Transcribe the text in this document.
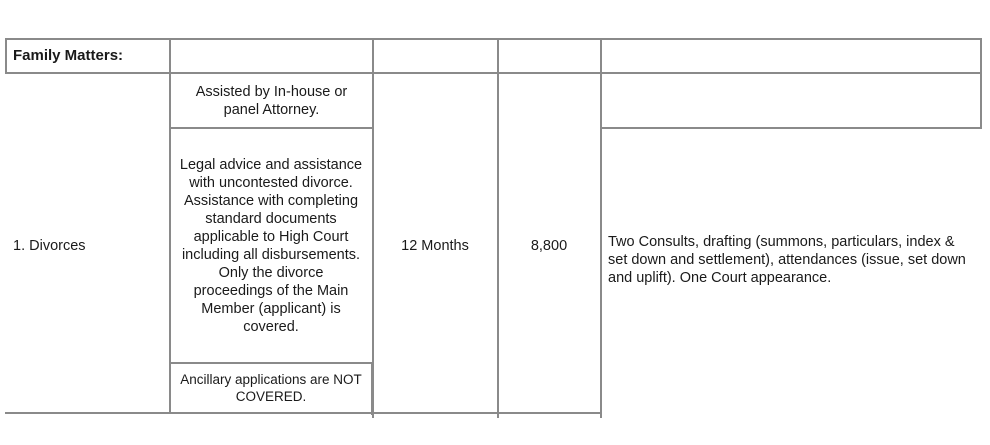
Family Matters:
Assisted by In-house or panel Attorney.
1. Divorces
Legal advice and assistance with uncontested divorce. Assistance with completing standard documents applicable to High Court including all disbursements. Only the divorce proceedings of the Main Member (applicant) is covered.
12 Months	8,800	Two Consults, drafting (summons, particulars, index & set down and settlement), attendances (issue, set down and uplift). One Court appearance.
Ancillary applications are NOT COVERED.
